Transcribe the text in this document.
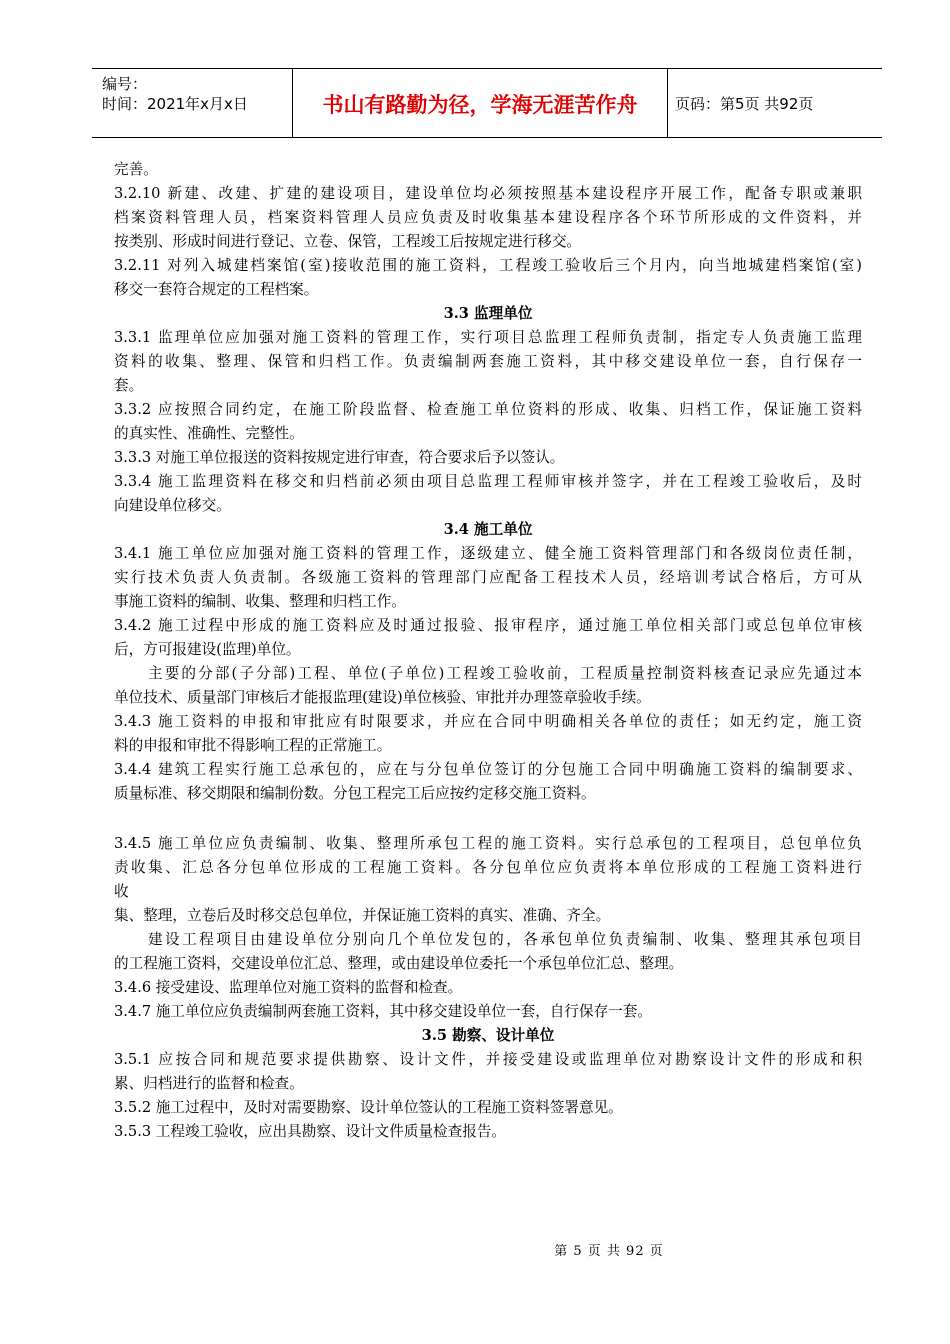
编号：
时间：2021年x月x日	书山有路勤为径，学海无涯苦作舟	页码：第5页 共92页
完善。
3.2.10 新建、改建、扩建的建设项目，建设单位均必须按照基本建设程序开展工作，配备专职或兼职
档案资料管理人员，档案资料管理人员应负责及时收集基本建设程序各个环节所形成的文件资料，并
按类别、形成时间进行登记、立卷、保管，工程竣工后按规定进行移交。
3.2.11 对列入城建档案馆(室)接收范围的施工资料，工程竣工验收后三个月内，向当地城建档案馆(室)
移交一套符合规定的工程档案。
3.3 监理单位
3.3.1 监理单位应加强对施工资料的管理工作，实行项目总监理工程师负责制，指定专人负责施工监理
资料的收集、整理、保管和归档工作。负责编制两套施工资料，其中移交建设单位一套，自行保存一
套。
3.3.2 应按照合同约定，在施工阶段监督、检查施工单位资料的形成、收集、归档工作，保证施工资料
的真实性、准确性、完整性。
3.3.3 对施工单位报送的资料按规定进行审查，符合要求后予以签认。
3.3.4 施工监理资料在移交和归档前必须由项目总监理工程师审核并签字，并在工程竣工验收后，及时
向建设单位移交。
3.4 施工单位
3.4.1 施工单位应加强对施工资料的管理工作，逐级建立、健全施工资料管理部门和各级岗位责任制，
实行技术负责人负责制。各级施工资料的管理部门应配备工程技术人员，经培训考试合格后，方可从
事施工资料的编制、收集、整理和归档工作。
3.4.2 施工过程中形成的施工资料应及时通过报验、报审程序，通过施工单位相关部门或总包单位审核
后，方可报建设(监理)单位。
主要的分部(子分部)工程、单位(子单位)工程竣工验收前，工程质量控制资料核查记录应先通过本
单位技术、质量部门审核后才能报监理(建设)单位核验、审批并办理签章验收手续。
3.4.3 施工资料的申报和审批应有时限要求，并应在合同中明确相关各单位的责任；如无约定，施工资
料的申报和审批不得影响工程的正常施工。
3.4.4 建筑工程实行施工总承包的，应在与分包单位签订的分包施工合同中明确施工资料的编制要求、
质量标准、移交期限和编制份数。分包工程完工后应按约定移交施工资料。
3.4.5 施工单位应负责编制、收集、整理所承包工程的施工资料。实行总承包的工程项目，总包单位负
责收集、汇总各分包单位形成的工程施工资料。各分包单位应负责将本单位形成的工程施工资料进行
收
集、整理，立卷后及时移交总包单位，并保证施工资料的真实、准确、齐全。
建设工程项目由建设单位分别向几个单位发包的，各承包单位负责编制、收集、整理其承包项目
的工程施工资料，交建设单位汇总、整理，或由建设单位委托一个承包单位汇总、整理。
3.4.6 接受建设、监理单位对施工资料的监督和检查。
3.4.7 施工单位应负责编制两套施工资料，其中移交建设单位一套，自行保存一套。
3.5 勘察、设计单位
3.5.1 应按合同和规范要求提供勘察、设计文件，并接受建设或监理单位对勘察设计文件的形成和积
累、归档进行的监督和检查。
3.5.2 施工过程中，及时对需要勘察、设计单位签认的工程施工资料签署意见。
3.5.3 工程竣工验收，应出具勘察、设计文件质量检查报告。
第 5 页 共 92 页
